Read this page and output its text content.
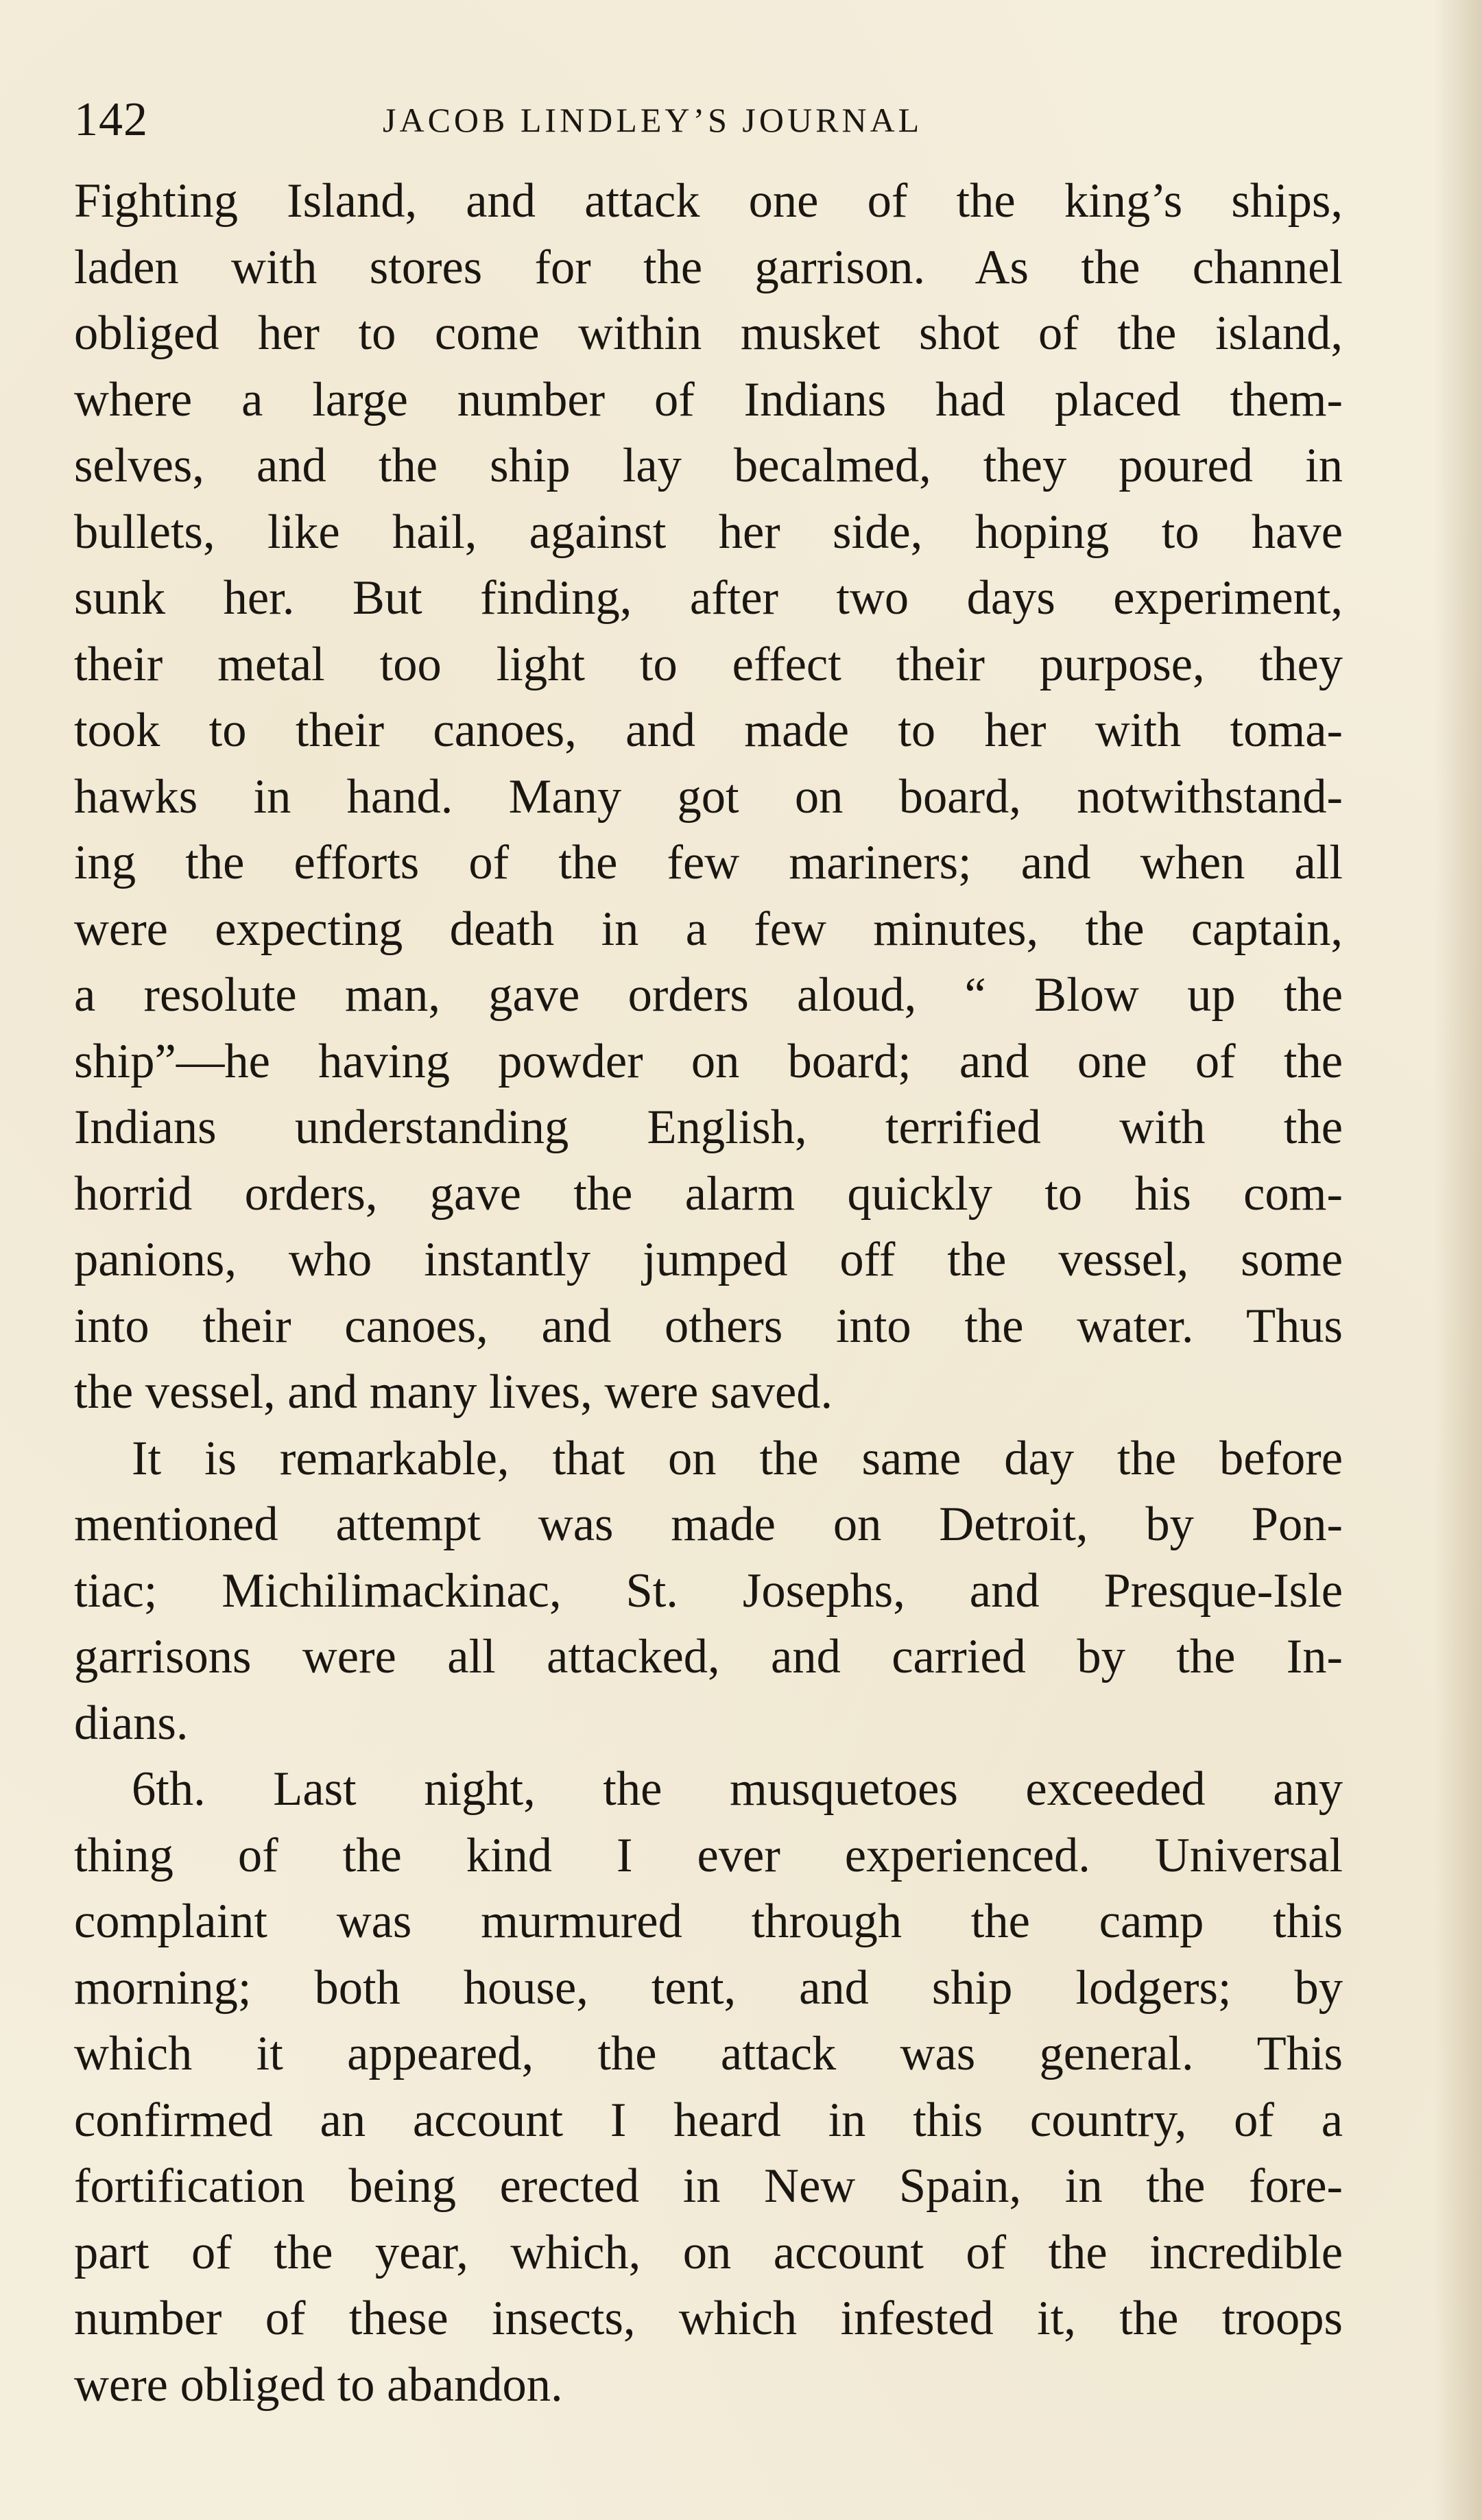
142	JACOB LINDLEY’S JOURNAL
Fighting Island, and attack one of the king’s ships,
laden with stores for the garrison. As the channel
obliged her to come within musket shot of the island,
where a large number of Indians had placed them-
selves, and the ship lay becalmed, they poured in
bullets, like hail, against her side, hoping to have
sunk her. But finding, after two days experiment,
their metal too light to effect their purpose, they
took to their canoes, and made to her with toma-
hawks in hand. Many got on board, notwithstand-
ing the efforts of the few mariners; and when all
were expecting death in a few minutes, the captain,
a resolute man, gave orders aloud, “ Blow up the
ship”—he having powder on board; and one of the
Indians understanding English, terrified with the
horrid orders, gave the alarm quickly to his com-
panions, who instantly jumped off the vessel, some
into their canoes, and others into the water. Thus
the vessel, and many lives, were saved.
It is remarkable, that on the same day the before
mentioned attempt was made on Detroit, by Pon-
tiac; Michilimackinac, St. Josephs, and Presque-Isle
garrisons were all attacked, and carried by the In-
dians.
6th. Last night, the musquetoes exceeded any
thing of the kind I ever experienced. Universal
complaint was murmured through the camp this
morning; both house, tent, and ship lodgers; by
which it appeared, the attack was general. This
confirmed an account I heard in this country, of a
fortification being erected in New Spain, in the fore-
part of the year, which, on account of the incredible
number of these insects, which infested it, the troops
were obliged to abandon.
